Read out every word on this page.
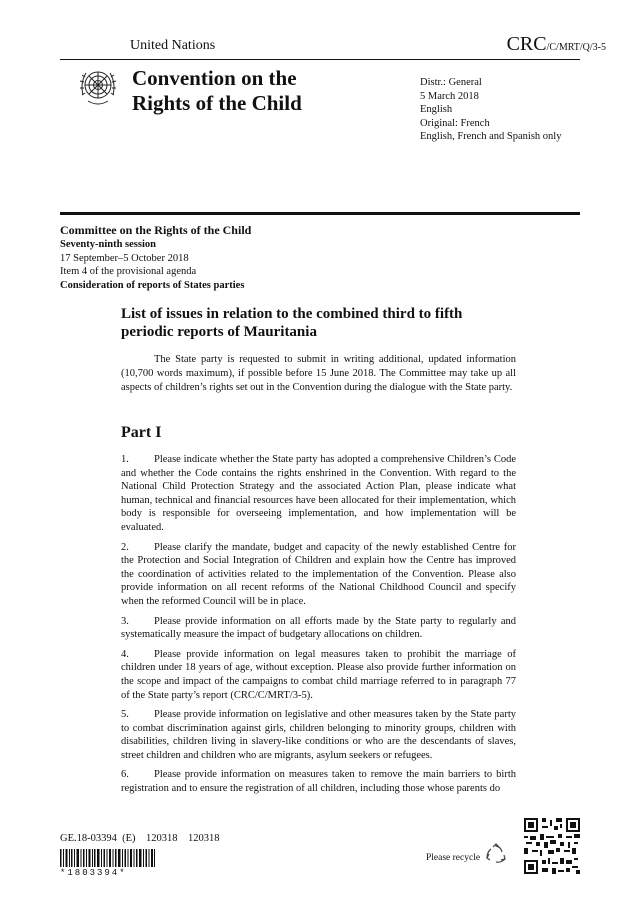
United Nations	CRC/C/MRT/Q/3-5
Convention on the
Rights of the Child
Distr.: General
5 March 2018
English
Original: French
English, French and Spanish only
Committee on the Rights of the Child
Seventy-ninth session
17 September–5 October 2018
Item 4 of the provisional agenda
Consideration of reports of States parties
List of issues in relation to the combined third to fifth
periodic reports of Mauritania

The State party is requested to submit in writing additional, updated information (10,700 words maximum), if possible before 15 June 2018. The Committee may take up all aspects of children’s rights set out in the Convention during the dialogue with the State party.

Part I

1. Please indicate whether the State party has adopted a comprehensive Children’s Code and whether the Code contains the rights enshrined in the Convention. With regard to the National Child Protection Strategy and the associated Action Plan, please indicate what human, technical and financial resources have been allocated for their implementation, which body is responsible for overseeing implementation, and how implementation will be evaluated.

2. Please clarify the mandate, budget and capacity of the newly established Centre for the Protection and Social Integration of Children and explain how the Centre has improved the coordination of activities related to the implementation of the Convention. Please also provide information on all recent reforms of the National Childhood Council and specify when the reformed Council will be in place.

3. Please provide information on all efforts made by the State party to regularly and systematically measure the impact of budgetary allocations on children.

4. Please provide information on legal measures taken to prohibit the marriage of children under 18 years of age, without exception. Please also provide further information on the scope and impact of the campaigns to combat child marriage referred to in paragraph 77 of the State party’s report (CRC/C/MRT/3-5).

5. Please provide information on legislative and other measures taken by the State party to combat discrimination against girls, children belonging to minority groups, children with disabilities, children living in slavery-like conditions or who are the descendants of slaves, street children and children who are migrants, asylum seekers or refugees.

6. Please provide information on measures taken to remove the main barriers to birth registration and to ensure the registration of all children, including those whose parents do

GE.18-03394  (E)    120318    120318
*1803394*
Please recycle
